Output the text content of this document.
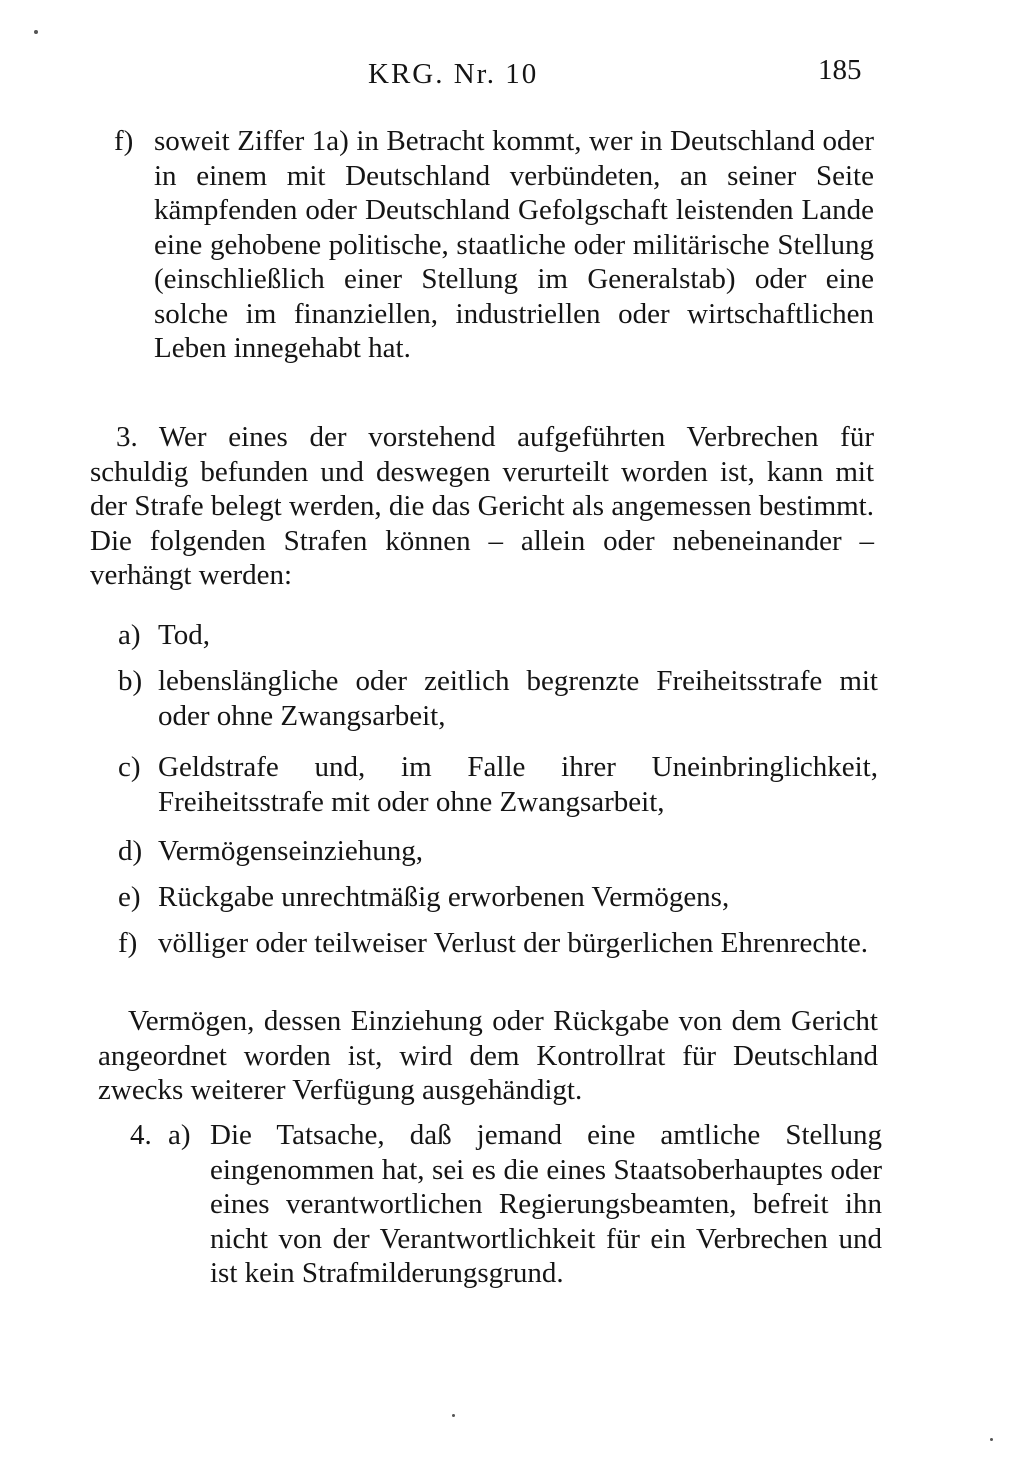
KRG. Nr. 10	185
f) soweit Ziffer 1a) in Betracht kommt, wer in Deutschland oder in einem mit Deutschland verbündeten, an seiner Seite kämpfenden oder Deutschland Gefolgschaft leistenden Lande eine gehobene politische, staatliche oder militärische Stellung (einschließlich einer Stellung im Generalstab) oder eine solche im finanziellen, industriellen oder wirtschaftlichen Leben innegehabt hat.
3. Wer eines der vorstehend aufgeführten Verbrechen für schuldig befunden und deswegen verurteilt worden ist, kann mit der Strafe belegt werden, die das Gericht als angemessen bestimmt. Die folgenden Strafen können – allein oder nebeneinander – verhängt werden:
a) Tod,
b) lebenslängliche oder zeitlich begrenzte Freiheitsstrafe mit oder ohne Zwangsarbeit,
c) Geldstrafe und, im Falle ihrer Uneinbringlichkeit, Freiheitsstrafe mit oder ohne Zwangsarbeit,
d) Vermögenseinziehung,
e) Rückgabe unrechtmäßig erworbenen Vermögens,
f) völliger oder teilweiser Verlust der bürgerlichen Ehrenrechte.
Vermögen, dessen Einziehung oder Rückgabe von dem Gericht angeordnet worden ist, wird dem Kontrollrat für Deutschland zwecks weiterer Verfügung ausgehändigt.
4. a) Die Tatsache, daß jemand eine amtliche Stellung eingenommen hat, sei es die eines Staatsoberhauptes oder eines verantwortlichen Regierungsbeamten, befreit ihn nicht von der Verantwortlichkeit für ein Verbrechen und ist kein Strafmilderungsgrund.
